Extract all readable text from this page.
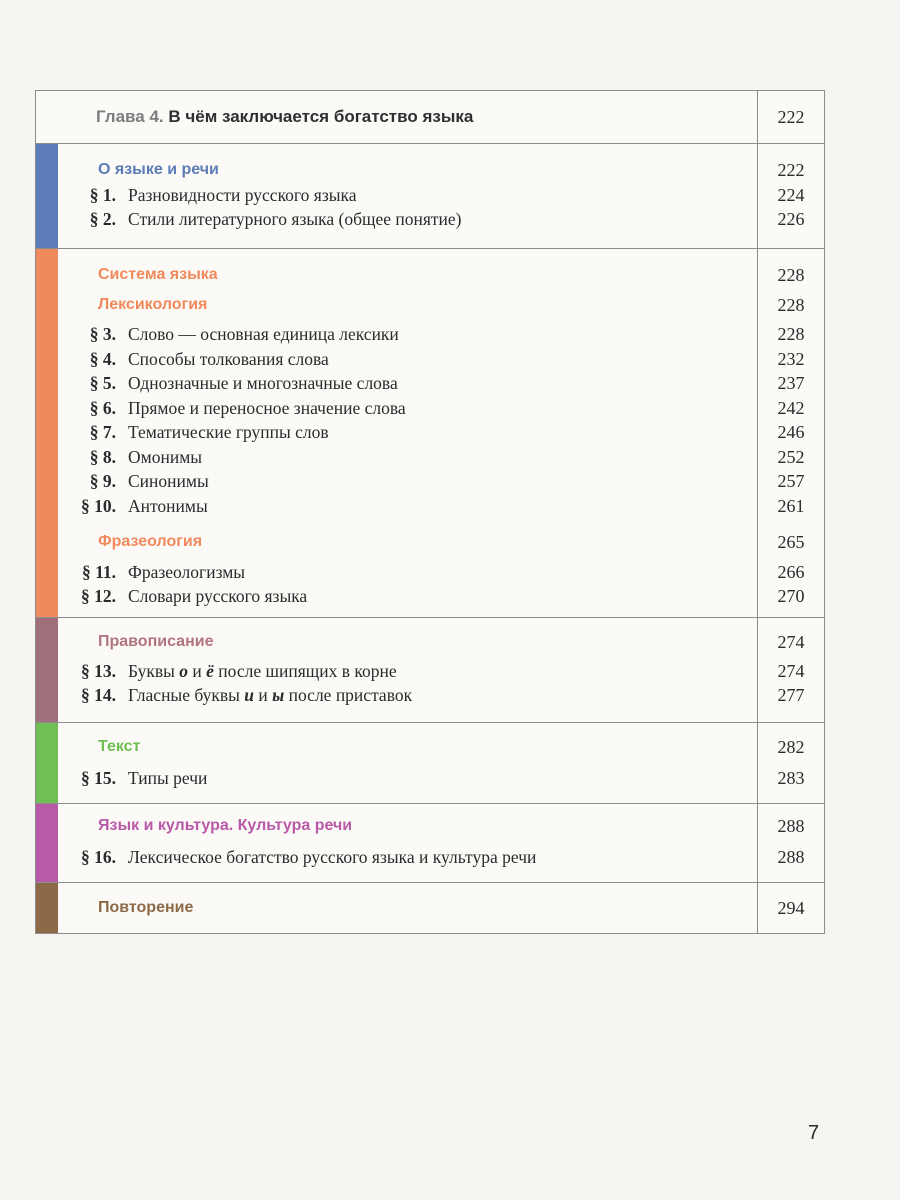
Глава 4. В чём заключается богатство языка	222
О языке и речи
§ 1. Разновидности русского языка
§ 2. Стили литературного языка (общее понятие)
222
224
226
Система языка
Лексикология
§ 3. Слово — основная единица лексики
§ 4. Способы толкования слова
§ 5. Однозначные и многозначные слова
§ 6. Прямое и переносное значение слова
§ 7. Тематические группы слов
§ 8. Омонимы
§ 9. Синонимы
§ 10. Антонимы
Фразеология
§ 11. Фразеологизмы
§ 12. Словари русского языка
228
228
228
232
237
242
246
252
257
261
265
266
270
Правописание
§ 13. Буквы о и ё после шипящих в корне
§ 14. Гласные буквы и и ы после приставок
274
274
277
Текст
§ 15. Типы речи
282
283
Язык и культура. Культура речи
§ 16. Лексическое богатство русского языка и культура речи
288
288
Повторение	294
7
